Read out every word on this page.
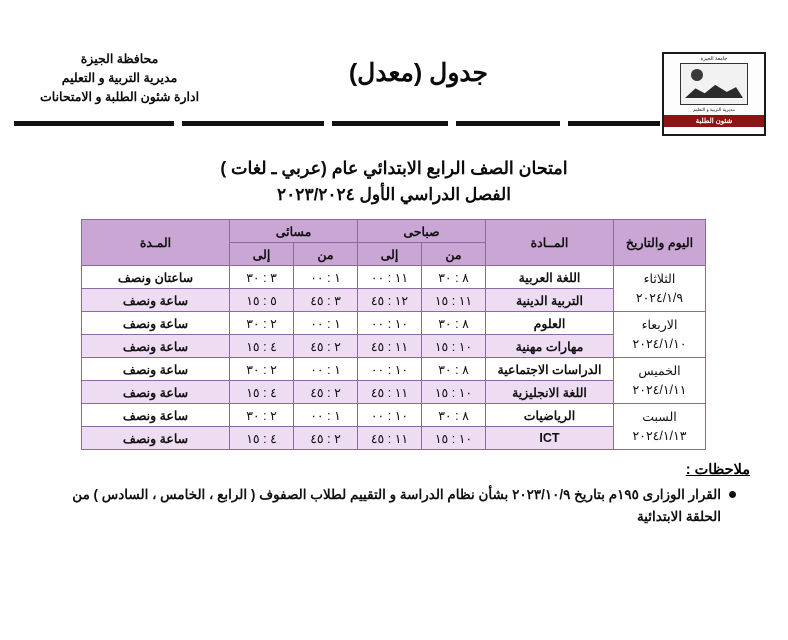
جامعة الجيزة
مديرية التربية و التعليم
شئون الطلبة
جدول (معدل)
محافظة الجيزة
مديرية التربية و التعليم
ادارة شئون الطلبة و الامتحانات
امتحان الصف الرابع الابتدائي عام (عربي ـ لغات )
الفصل الدراسي الأول ٢٠٢٣/٢٠٢٤
اليوم والتاريخ	المــادة	صباحى		مسائى		المـدة
		من	إلى	من	إلى	

الثلاثاء
٢٠٢٤/١/٩	اللغة العربية	٨ : ٣٠	١١ : ٠٠	١ : ٠٠	٣ : ٣٠	ساعتان ونصف
	التربية الدينية	١١ : ١٥	١٢ : ٤٥	٣ : ٤٥	٥ : ١٥	ساعة ونصف

الاربعاء
٢٠٢٤/١/١٠	العلوم	٨ : ٣٠	١٠ : ٠٠	١ : ٠٠	٢ : ٣٠	ساعة ونصف
	مهارات مهنية	١٠ : ١٥	١١ : ٤٥	٢ : ٤٥	٤ : ١٥	ساعة ونصف

الخميس
٢٠٢٤/١/١١	الدراسات الاجتماعية	٨ : ٣٠	١٠ : ٠٠	١ : ٠٠	٢ : ٣٠	ساعة ونصف
	اللغة الانجليزية	١٠ : ١٥	١١ : ٤٥	٢ : ٤٥	٤ : ١٥	ساعة ونصف

السبت
٢٠٢٤/١/١٣	الرياضيات	٨ : ٣٠	١٠ : ٠٠	١ : ٠٠	٢ : ٣٠	ساعة ونصف
	ICT	١٠ : ١٥	١١ : ٤٥	٢ : ٤٥	٤ : ١٥	ساعة ونصف
ملاحظات :
القرار الوزارى ١٩٥م بتاريخ ٢٠٢٣/١٠/٩ بشأن نظام الدراسة و التقييم لطلاب الصفوف ( الرابع ، الخامس ، السادس ) من الحلقة الابتدائية
